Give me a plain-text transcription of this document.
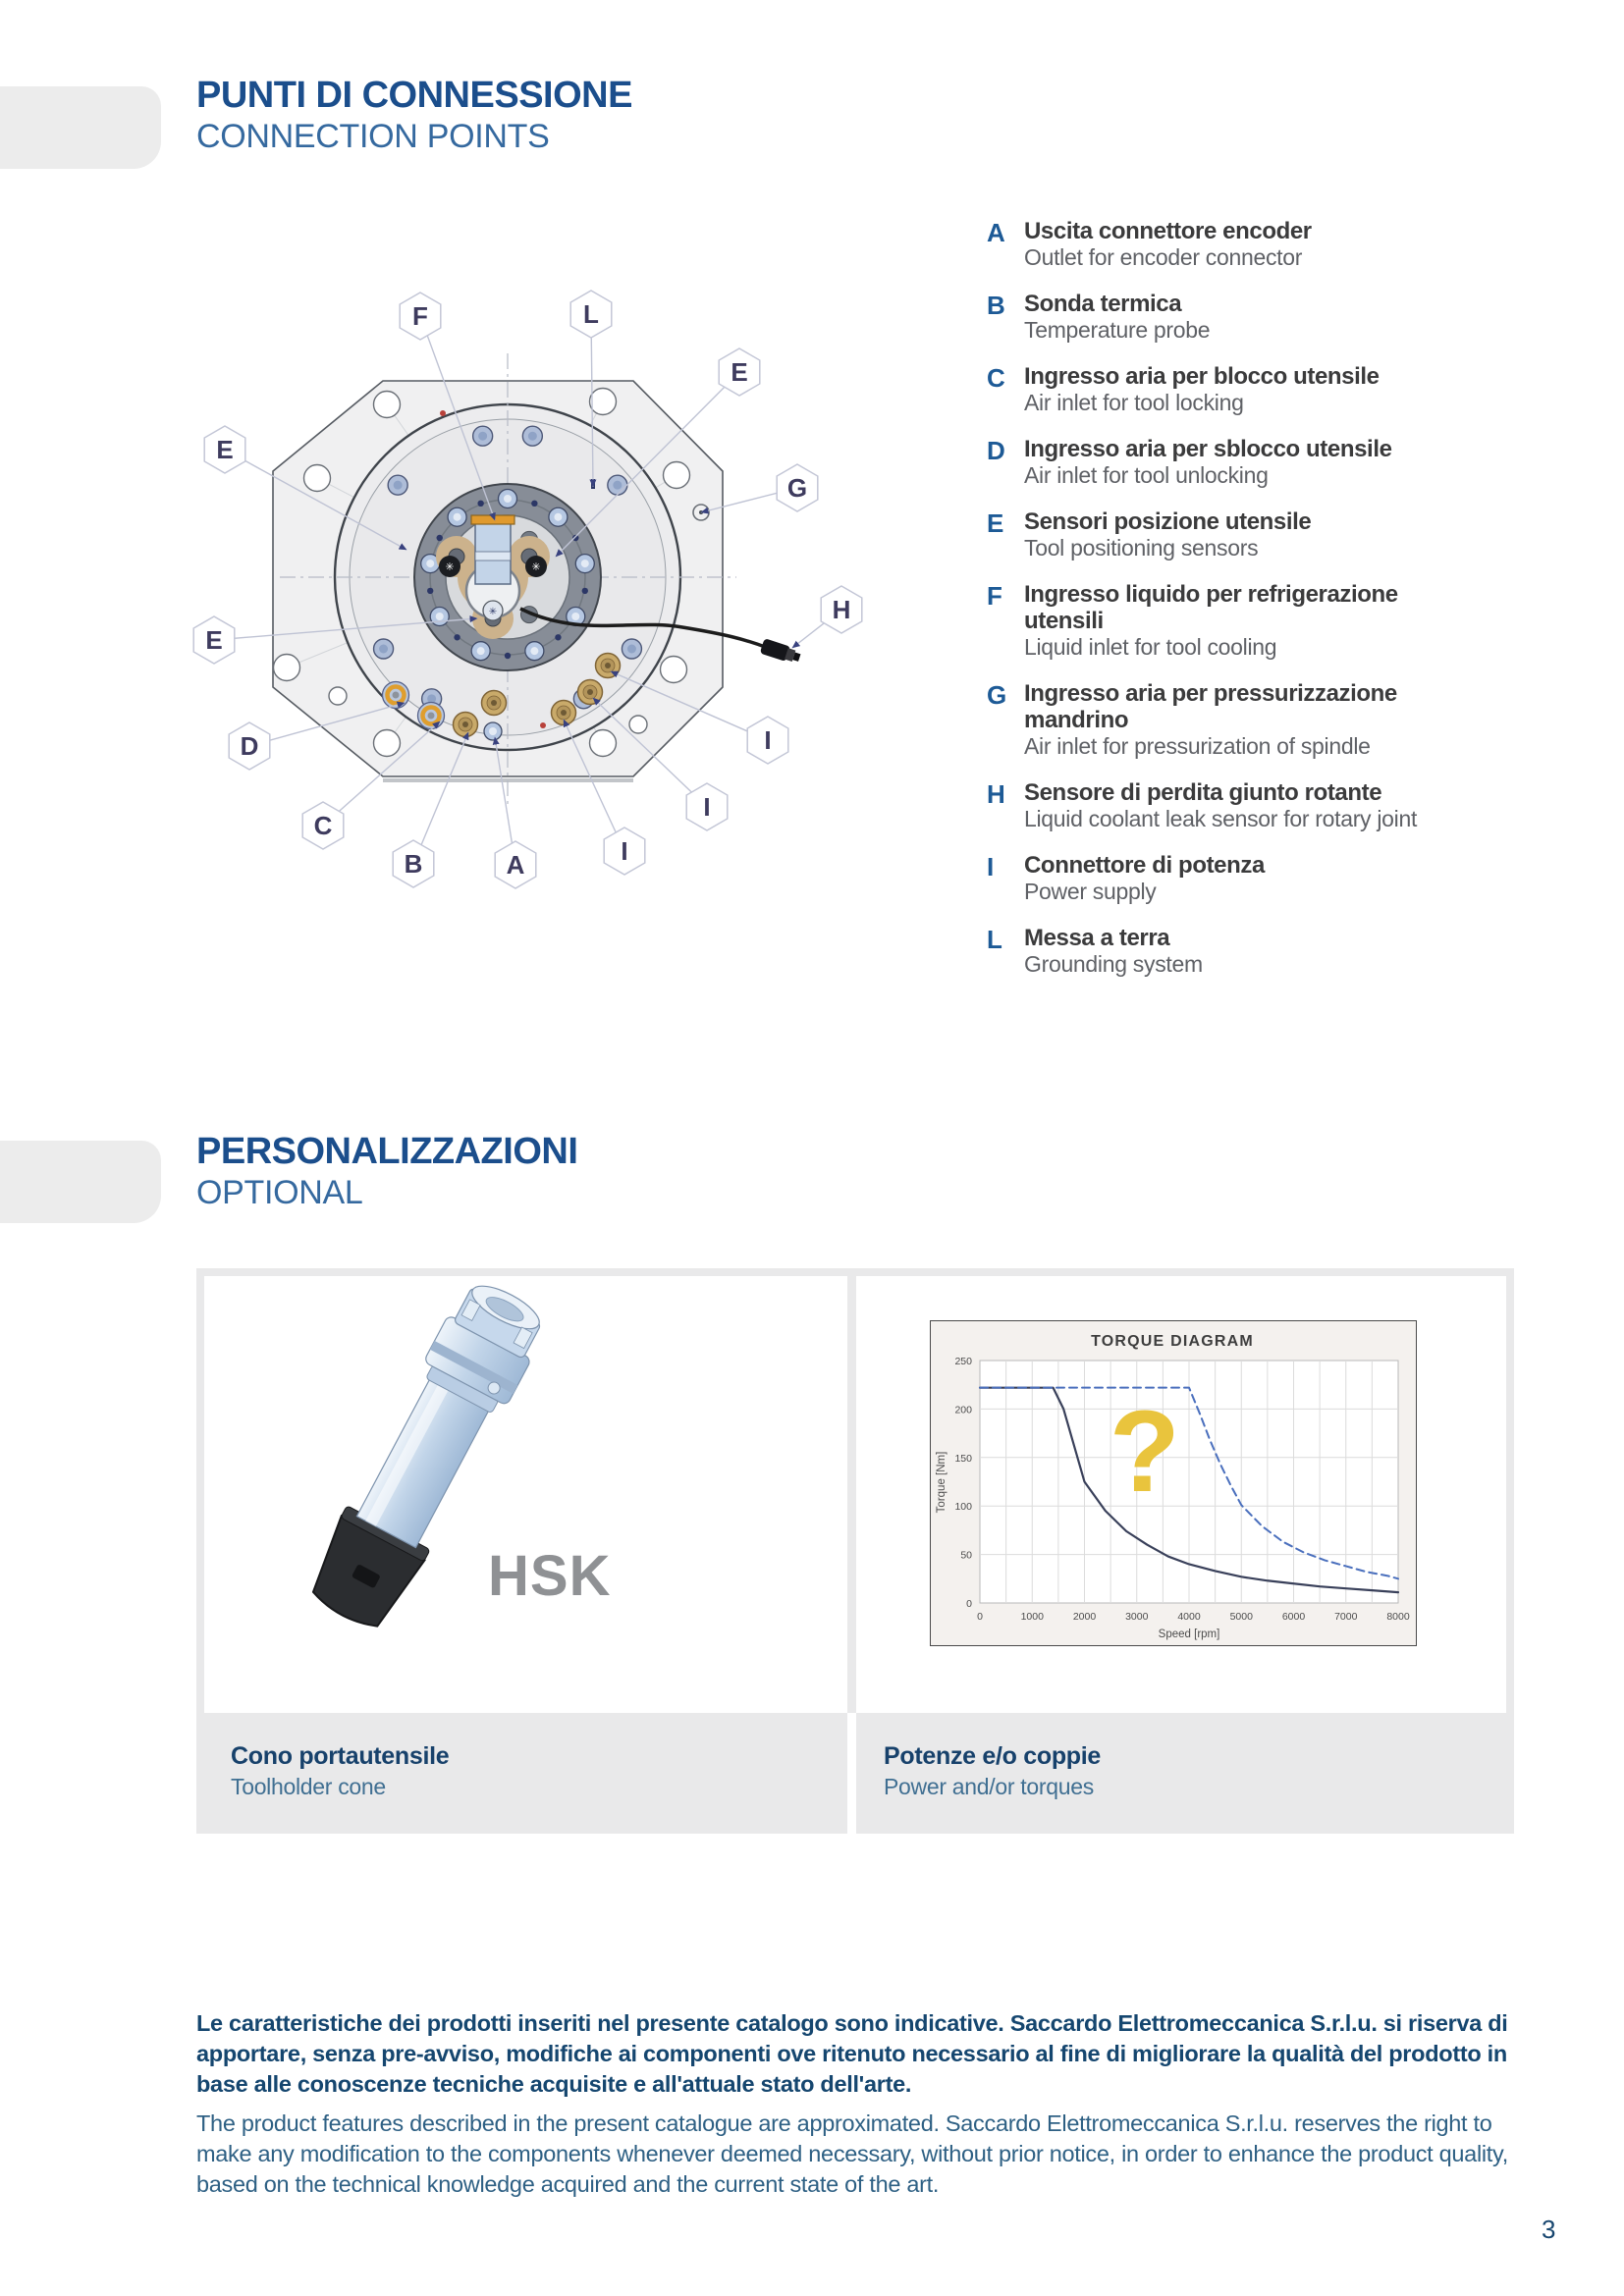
PUNTI DI CONNESSIONE
CONNECTION POINTS
✳	✳
✳
F	L
E
E
G
E
H
D
C
B	A	I
I
I
A Uscita connettore encoder
Outlet for encoder connector
B Sonda termica
Temperature probe
C Ingresso aria per blocco utensile
Air inlet for tool locking
D Ingresso aria per sblocco utensile
Air inlet for tool unlocking
E Sensori posizione utensile
Tool positioning sensors
F Ingresso liquido per refrigerazione utensili
Liquid inlet for tool cooling
G Ingresso aria per pressurizzazione mandrino
Air inlet for pressurization of spindle
H Sensore di perdita giunto rotante
Liquid coolant leak sensor for rotary joint
I Connettore di potenza
Power supply
L Messa a terra
Grounding system
PERSONALIZZAZIONI
OPTIONAL
HSK
TORQUE DIAGRAM
0	1000	2000	3000	4000	5000	6000	7000	8000
0
50
100
150
200
250
?
Speed [rpm]
Torque [Nm]
Cono portautensile
Toolholder cone
Potenze e/o coppie
Power and/or torques
Le caratteristiche dei prodotti inseriti nel presente catalogo sono indicative. Saccardo Elettromeccanica S.r.l.u. si riserva di apportare, senza pre-avviso, modifiche ai componenti ove ritenuto necessario al fine di migliorare la qualità del prodotto in base alle conoscenze tecniche acquisite e all'attuale stato dell'arte.
The product features described in the present catalogue are approximated. Saccardo Elettromeccanica S.r.l.u. reserves the right to make any modification to the components whenever deemed necessary, without prior notice, in order to enhance the product quality, based on the technical knowledge acquired and the current state of the art.
3
